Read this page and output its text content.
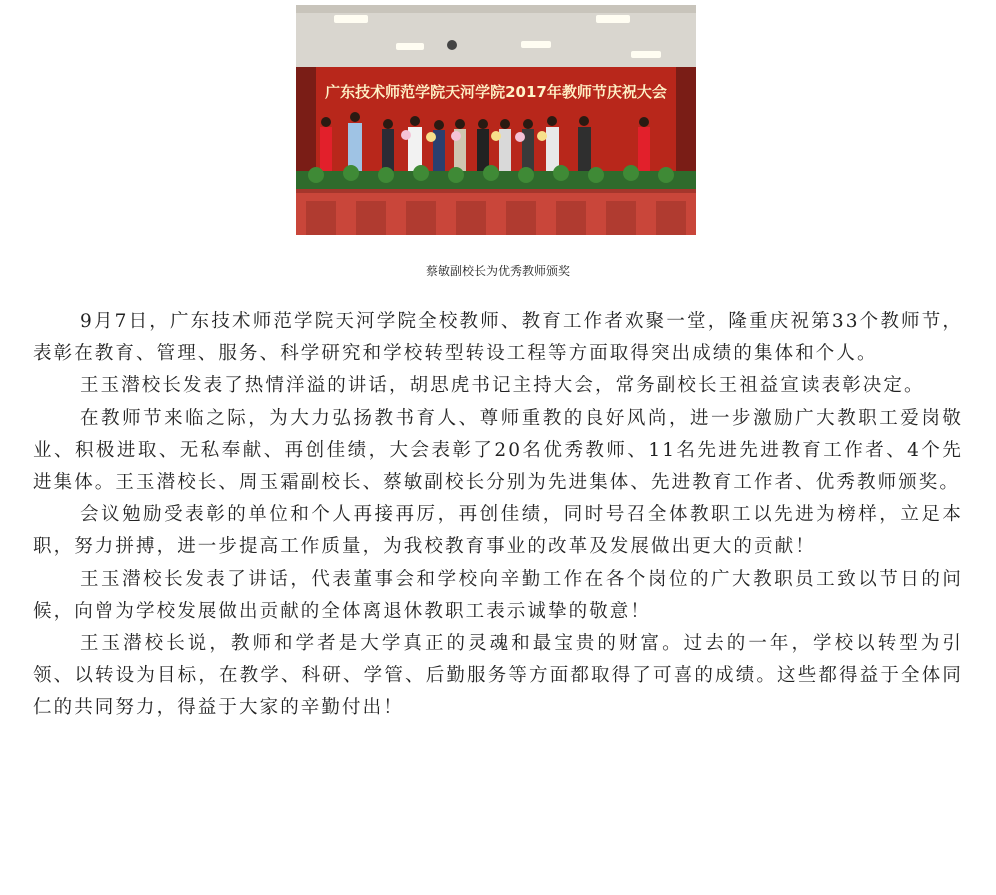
广东技术师范学院天河学院2017年教师节庆祝大会
蔡敏副校长为优秀教师颁奖

9月7日，广东技术师范学院天河学院全校教师、教育工作者欢聚一堂，隆重庆祝第33个教师节，表彰在教育、管理、服务、科学研究和学校转型转设工程等方面取得突出成绩的集体和个人。

王玉潜校长发表了热情洋溢的讲话，胡思虎书记主持大会，常务副校长王祖益宣读表彰决定。

在教师节来临之际，为大力弘扬教书育人、尊师重教的良好风尚，进一步激励广大教职工爱岗敬业、积极进取、无私奉献、再创佳绩，大会表彰了20名优秀教师、11名先进先进教育工作者、4个先进集体。王玉潜校长、周玉霜副校长、蔡敏副校长分别为先进集体、先进教育工作者、优秀教师颁奖。

会议勉励受表彰的单位和个人再接再厉，再创佳绩，同时号召全体教职工以先进为榜样，立足本职，努力拼搏，进一步提高工作质量，为我校教育事业的改革及发展做出更大的贡献！

王玉潜校长发表了讲话，代表董事会和学校向辛勤工作在各个岗位的广大教职员工致以节日的问候，向曾为学校发展做出贡献的全体离退休教职工表示诚挚的敬意！

王玉潜校长说，教师和学者是大学真正的灵魂和最宝贵的财富。过去的一年，学校以转型为引领、以转设为目标，在教学、科研、学管、后勤服务等方面都取得了可喜的成绩。这些都得益于全体同仁的共同努力，得益于大家的辛勤付出！
